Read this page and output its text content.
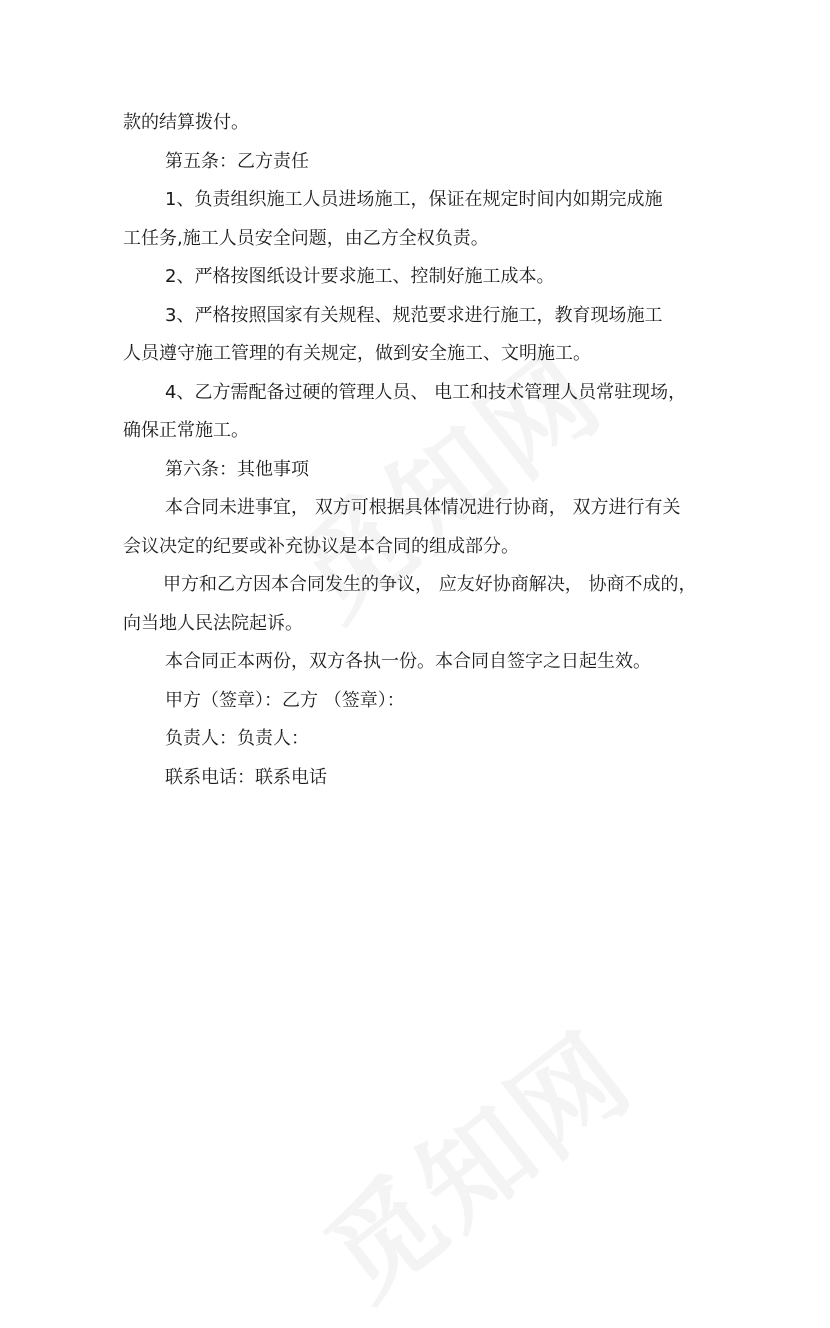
款的结算拨付。

第五条：乙方责任

1、负责组织施工人员进场施工，保证在规定时间内如期完成施

工任务,施工人员安全问题，由乙方全权负责。

2、严格按图纸设计要求施工、控制好施工成本。

3、严格按照国家有关规程、规范要求进行施工，教育现场施工

人员遵守施工管理的有关规定，做到安全施工、文明施工。

4、乙方需配备过硬的管理人员、 电工和技术管理人员常驻现场，

确保正常施工。

第六条：其他事项

本合同未进事宜， 双方可根据具体情况进行协商， 双方进行有关

会议决定的纪要或补充协议是本合同的组成部分。

甲方和乙方因本合同发生的争议， 应友好协商解决， 协商不成的，

向当地人民法院起诉。

本合同正本两份，双方各执一份。本合同自签字之日起生效。

甲方（签章）：乙方 （签章）：

负责人：负责人：

联系电话：联系电话
